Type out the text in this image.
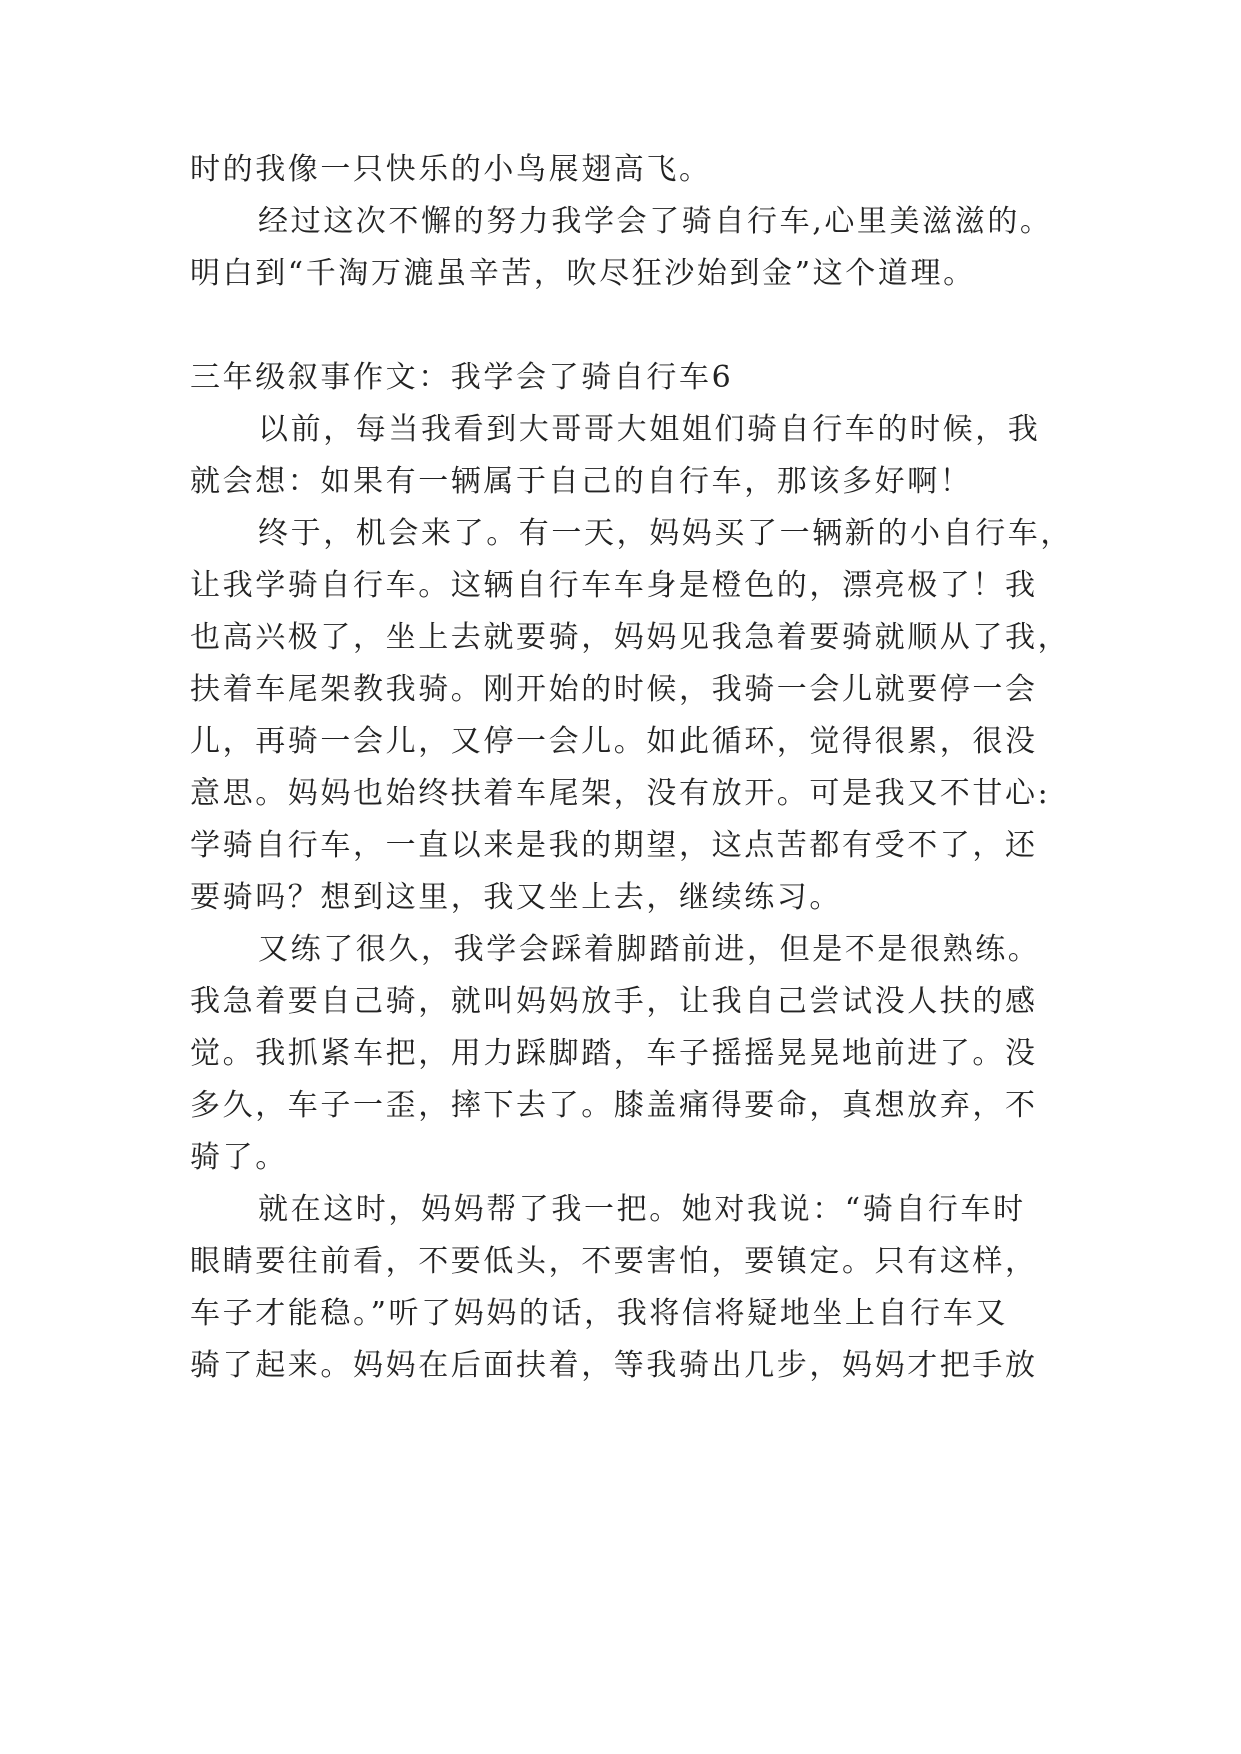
时的我像一只快乐的小鸟展翅高飞。
经过这次不懈的努力我学会了骑自行车,心里美滋滋的。
明白到“千淘万漉虽辛苦，吹尽狂沙始到金”这个道理。
三年级叙事作文：我学会了骑自行车6
以前，每当我看到大哥哥大姐姐们骑自行车的时候，我
就会想：如果有一辆属于自己的自行车，那该多好啊！
终于，机会来了。有一天，妈妈买了一辆新的小自行车，
让我学骑自行车。这辆自行车车身是橙色的，漂亮极了！我
也高兴极了，坐上去就要骑，妈妈见我急着要骑就顺从了我，
扶着车尾架教我骑。刚开始的时候，我骑一会儿就要停一会
儿，再骑一会儿，又停一会儿。如此循环，觉得很累，很没
意思。妈妈也始终扶着车尾架，没有放开。可是我又不甘心:
学骑自行车，一直以来是我的期望，这点苦都有受不了，还
要骑吗？想到这里，我又坐上去，继续练习。
又练了很久，我学会踩着脚踏前进，但是不是很熟练。
我急着要自己骑，就叫妈妈放手，让我自己尝试没人扶的感
觉。我抓紧车把，用力踩脚踏，车子摇摇晃晃地前进了。没
多久，车子一歪，摔下去了。膝盖痛得要命，真想放弃，不
骑了。
就在这时，妈妈帮了我一把。她对我说：“骑自行车时
眼睛要往前看，不要低头，不要害怕，要镇定。只有这样，
车子才能稳。”听了妈妈的话，我将信将疑地坐上自行车又
骑了起来。妈妈在后面扶着，等我骑出几步，妈妈才把手放
